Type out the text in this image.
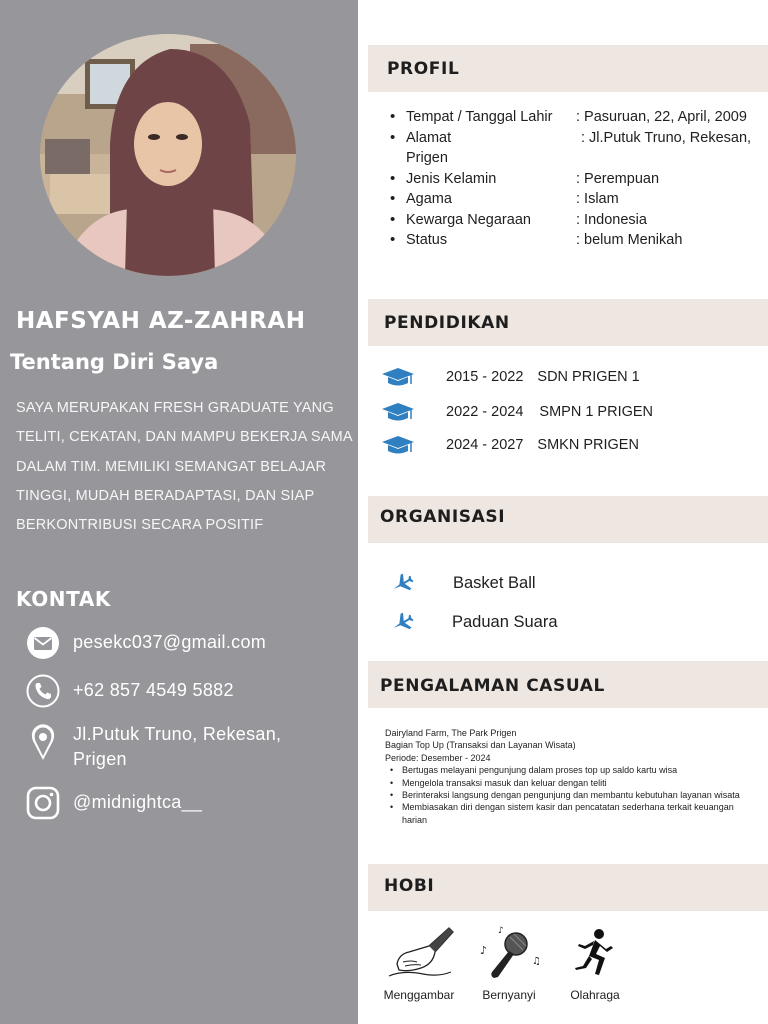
HAFSYAH AZ-ZAHRAH
Tentang Diri Saya
SAYA MERUPAKAN FRESH GRADUATE YANG TELITI, CEKATAN, DAN MAMPU BEKERJA SAMA DALAM TIM. MEMILIKI SEMANGAT BELAJAR TINGGI, MUDAH BERADAPTASI, DAN SIAP BERKONTRIBUSI SECARA POSITIF
KONTAK
pesekc037@gmail.com
+62 857 4549 5882
Jl.Putuk Truno, Rekesan, Prigen
@midnightca__
PROFIL
• Tempat / Tanggal Lahir : Pasuruan, 22, April, 2009
• Alamat	: Jl.Putuk Truno, Rekesan,
Prigen
• Jenis Kelamin	: Perempuan
• Agama	: Islam
• Kewarga Negaraan	: Indonesia
• Status	: belum Menikah
PENDIDIKAN
2015 - 2022 SDN PRIGEN 1
2022 - 2024 SMPN 1 PRIGEN
2024 - 2027 SMKN PRIGEN
ORGANISASI
Basket Ball
Paduan Suara
PENGALAMAN CASUAL
Dairyland Farm, The Park Prigen
Bagian Top Up (Transaksi dan Layanan Wisata)
Periode: Desember - 2024
• Bertugas melayani pengunjung dalam proses top up saldo kartu wisa
• Mengelola transaksi masuk dan keluar dengan teliti
• Berinteraksi langsung dengan pengunjung dan membantu kebutuhan layanan wisata
• Membiasakan diri dengan sistem kasir dan pencatatan sederhana terkait keuangan harian
HOBI
Menggambar
♪
♫
♪
Bernyanyi	Olahraga
